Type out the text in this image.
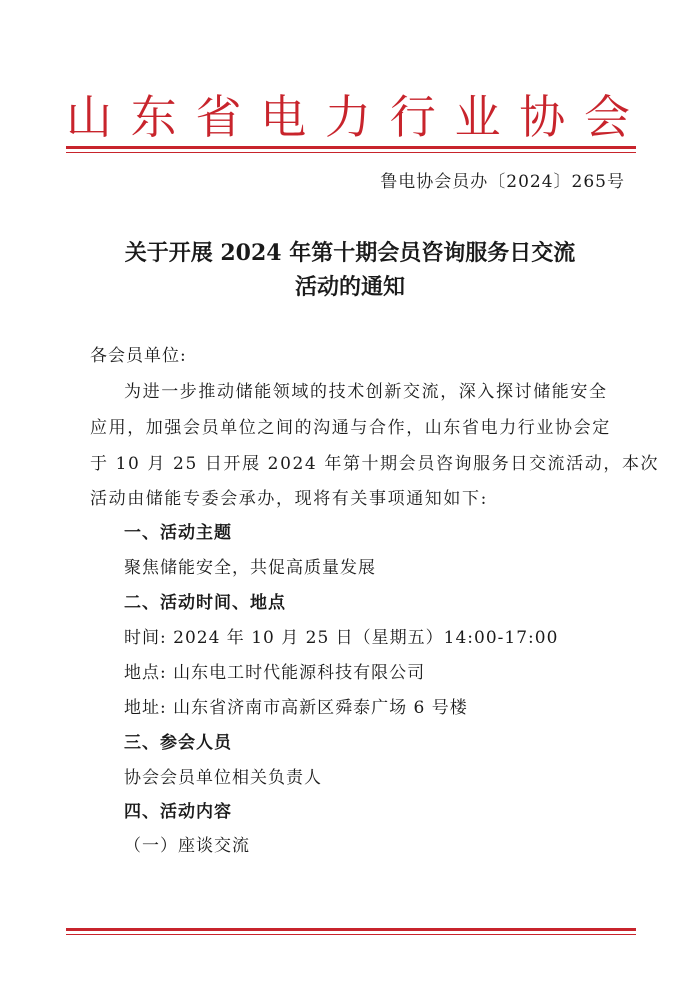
山东省电力行业协会
鲁电协会员办〔2024〕265号
关于开展 2024 年第十期会员咨询服务日交流
活动的通知
各会员单位:
为进一步推动储能领域的技术创新交流，深入探讨储能安全
应用，加强会员单位之间的沟通与合作，山东省电力行业协会定
于 10 月 25 日开展 2024 年第十期会员咨询服务日交流活动，本次
活动由储能专委会承办，现将有关事项通知如下:
一、活动主题
聚焦储能安全，共促高质量发展
二、活动时间、地点
时间: 2024 年 10 月 25 日（星期五）14:00-17:00
地点: 山东电工时代能源科技有限公司
地址: 山东省济南市高新区舜泰广场 6 号楼
三、参会人员
协会会员单位相关负责人
四、活动内容
（一）座谈交流
